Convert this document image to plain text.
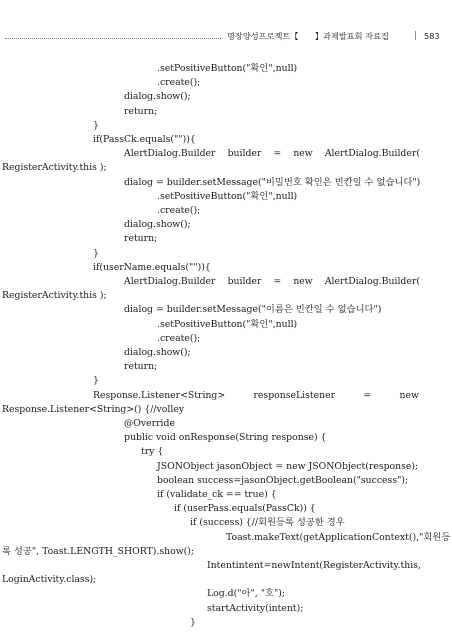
명장양성프로젝트【　　】과제발표회 자료집	ǀ 583
.setPositiveButton("확인",null)
.create();
dialog.show();
return;
}
if(PassCk.equals("")){
AlertDialog.Builder builder = new AlertDialog.Builder(
RegisterActivity.this );
dialog = builder.setMessage("비밀번호 확인은 빈칸일 수 없습니다")
.setPositiveButton("확인",null)
.create();
dialog.show();
return;
}
if(userName.equals("")){
AlertDialog.Builder builder = new AlertDialog.Builder(
RegisterActivity.this );
dialog = builder.setMessage("이름은 빈칸일 수 없습니다")
.setPositiveButton("확인",null)
.create();
dialog.show();
return;
}
Response.Listener<String>	responseListener	=	new
Response.Listener<String>() {//volley
@Override
public void onResponse(String response) {
try {
JSONObject jasonObject = new JSONObject(response);
boolean success=jasonObject.getBoolean("success");
if (validate_ck == true) {
if (userPass.equals(PassCk)) {
if (success) {//회원등록 성공한 경우
Toast.makeText(getApplicationContext(), "회원 등
록 성공", Toast.LENGTH_SHORT).show();
Intent intent = new Intent(RegisterActivity.this,
LoginActivity.class);
Log.d("아", "호");
startActivity(intent);
}
